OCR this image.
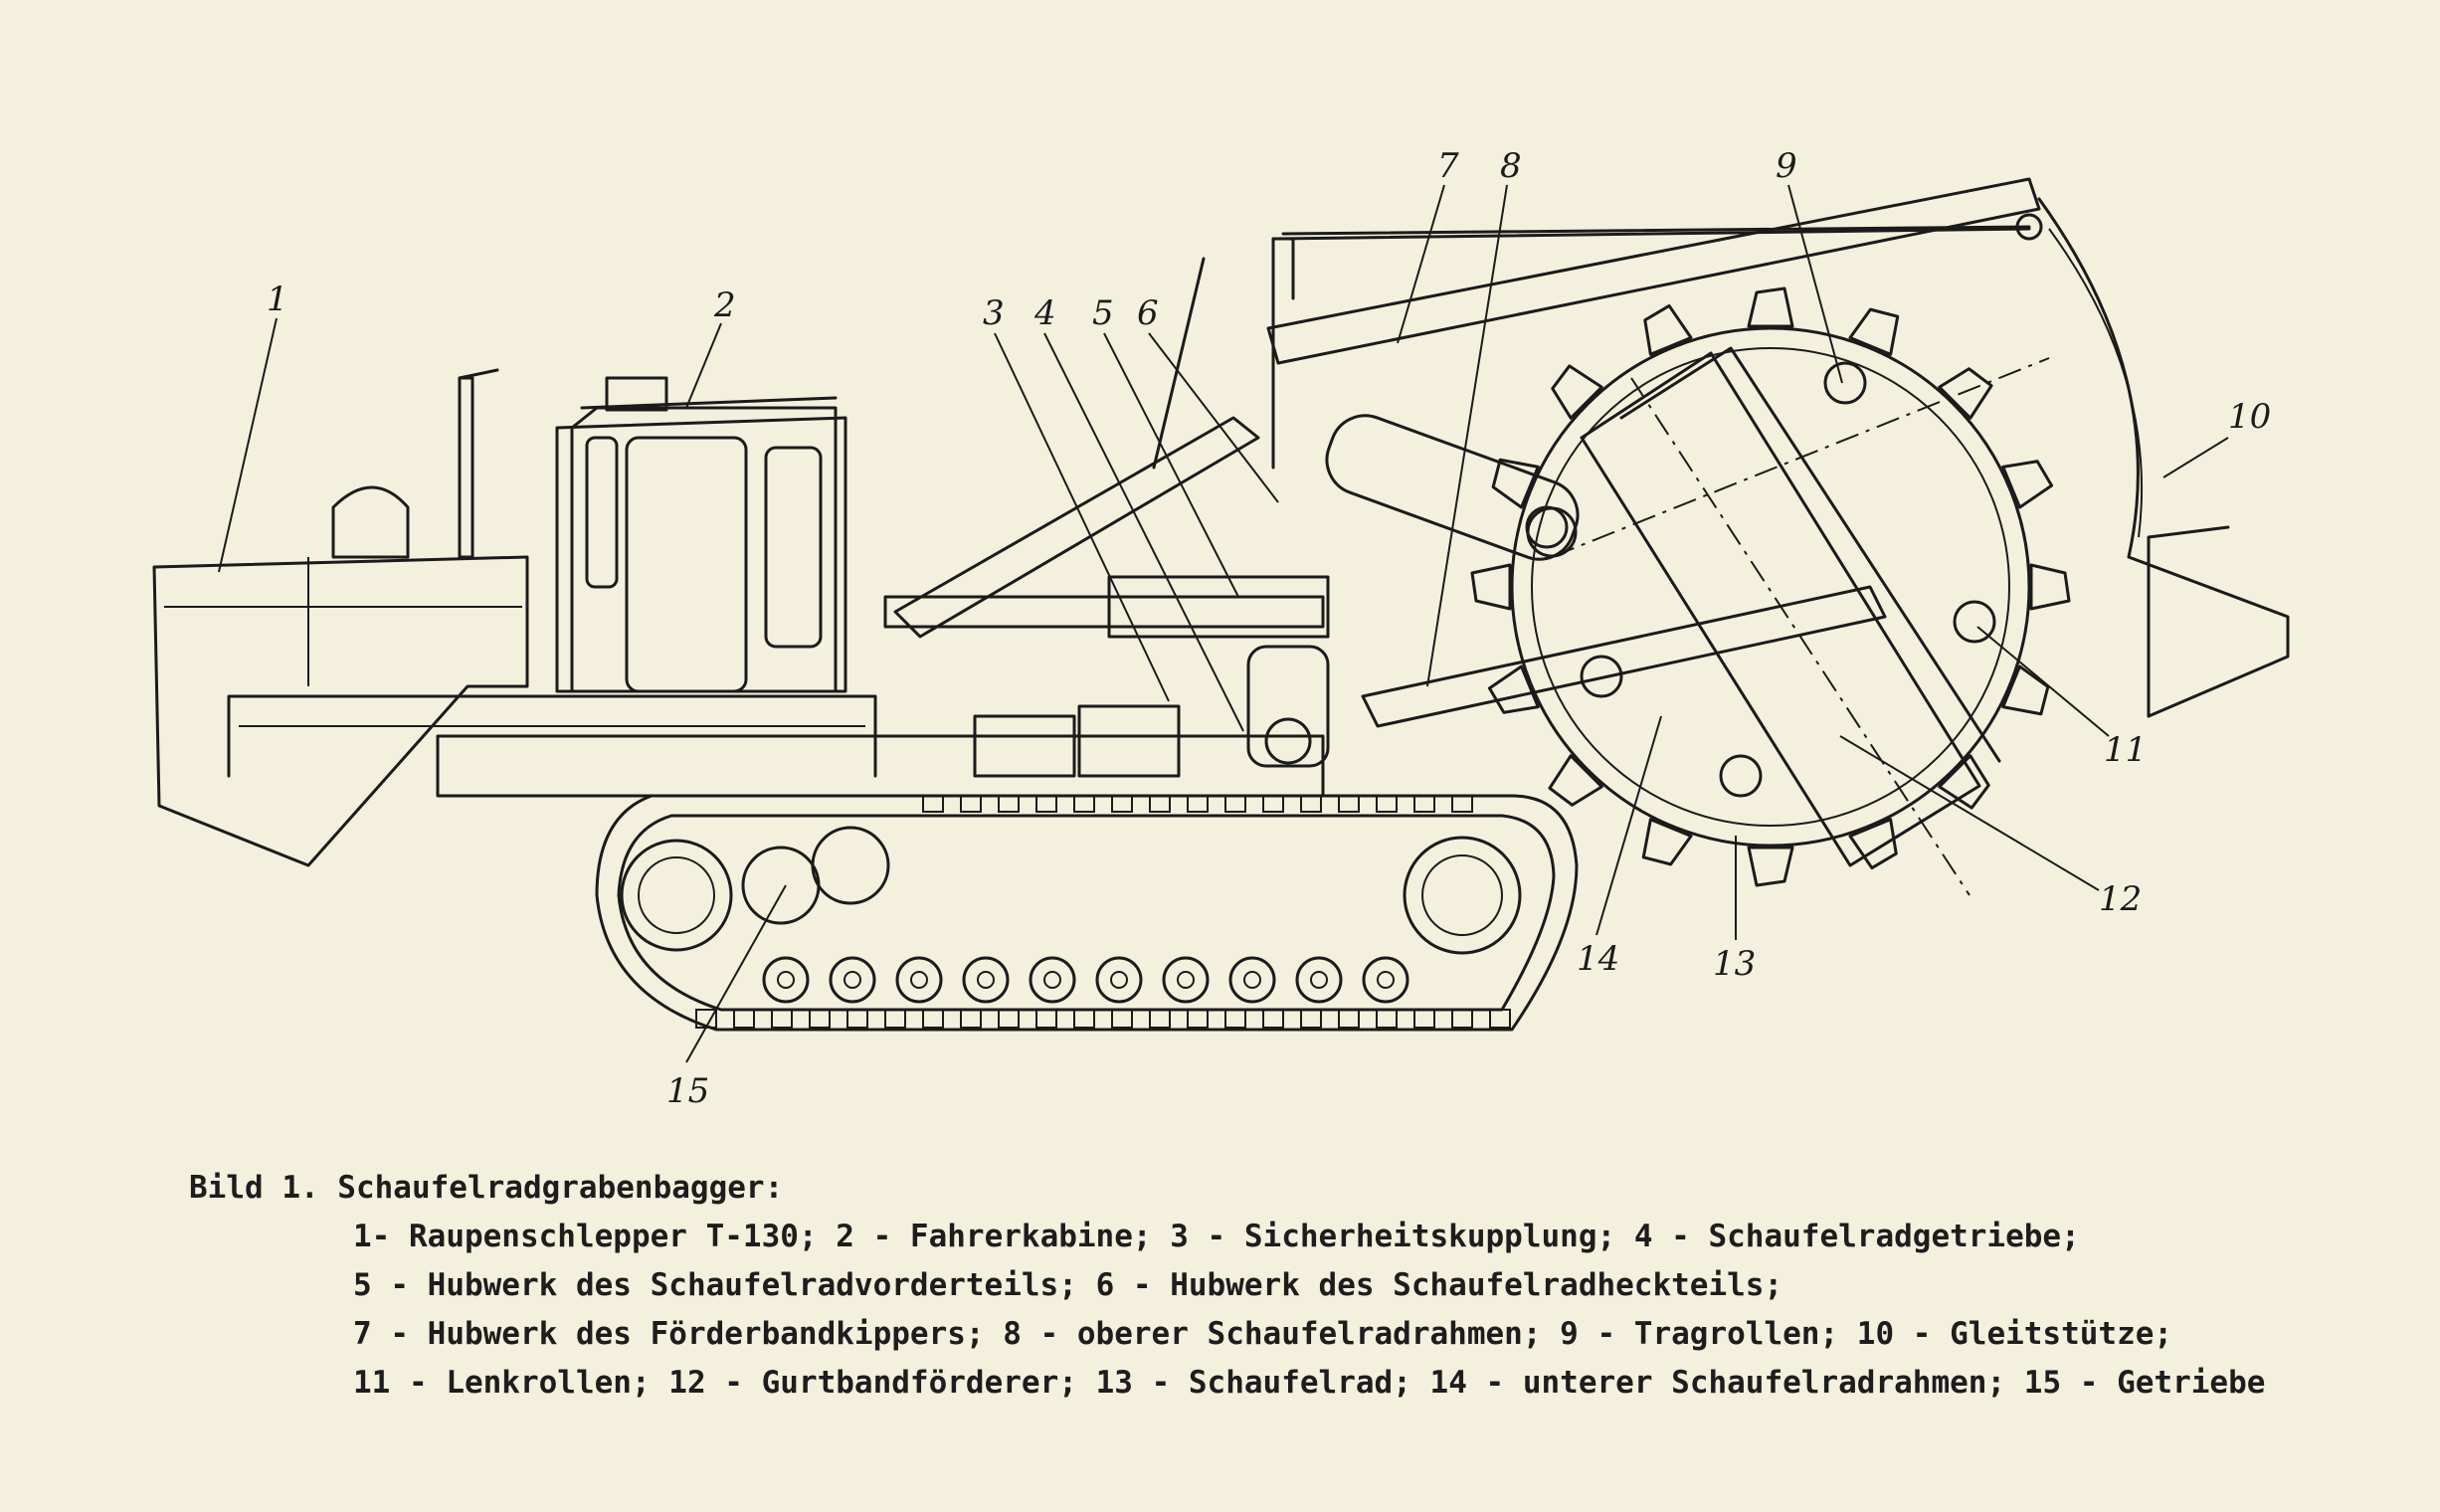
1	2	3 4 5 6
7 8	9
10
11
12
13
14
15
Bild 1. Schaufelradgrabenbagger:
1- Raupenschlepper T-130; 2 - Fahrerkabine; 3 - Sicherheitskupplung; 4 - Schaufelradgetriebe; 5 - Hubwerk des Schaufelradvorderteils; 6 - Hubwerk des Schaufelradheckteils; 7 - Hubwerk des Förderbandkippers; 8 - oberer Schaufelradrahmen; 9 - Tragrollen; 10 - Gleitstütze; 11 - Lenkrollen; 12 - Gurtbandförderer; 13 - Schaufelrad; 14 - unterer Schaufelradrahmen; 15 - Getriebe
